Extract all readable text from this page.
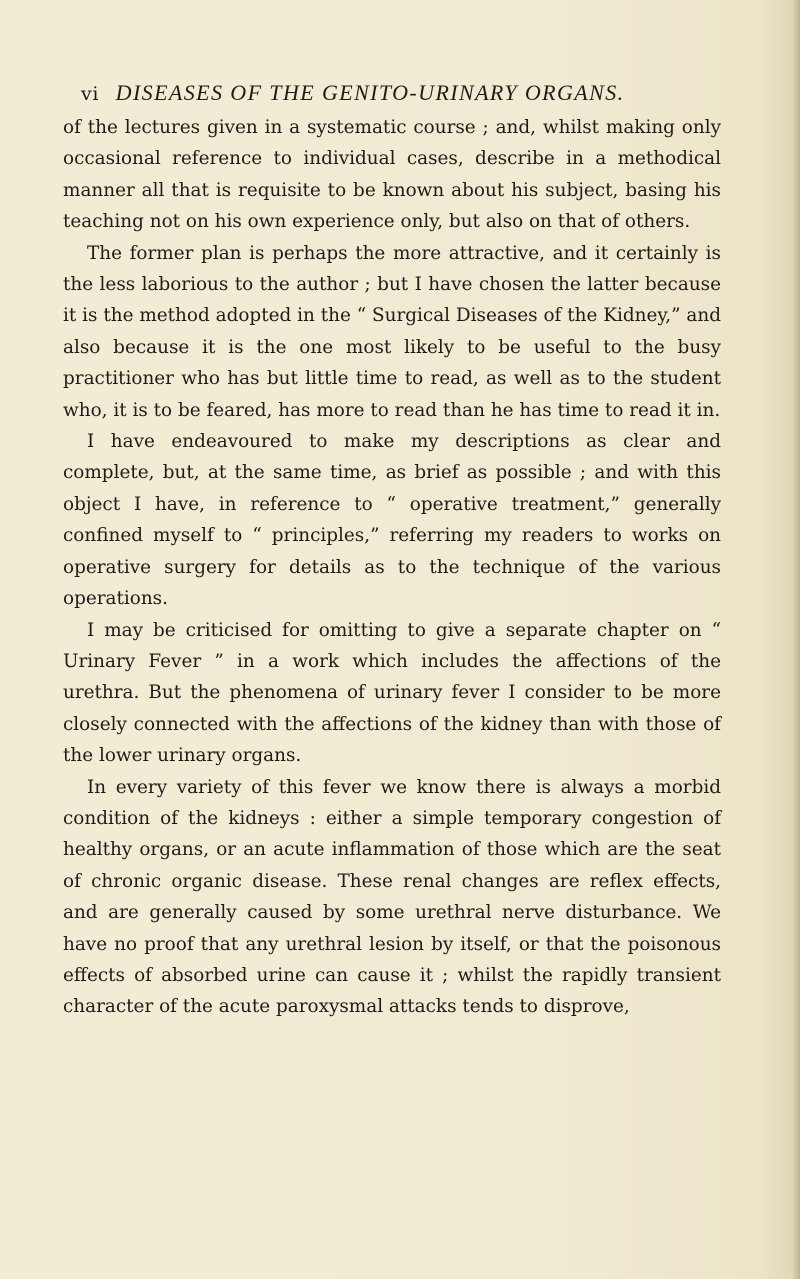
vi DISEASES OF THE GENITO-URINARY ORGANS.

of the lectures given in a systematic course ; and, whilst making only occasional reference to individual cases, describe in a methodical manner all that is requisite to be known about his subject, basing his teaching not on his own experience only, but also on that of others.

The former plan is perhaps the more attractive, and it certainly is the less laborious to the author ; but I have chosen the latter because it is the method adopted in the “ Surgical Diseases of the Kidney,” and also because it is the one most likely to be useful to the busy practitioner who has but little time to read, as well as to the student who, it is to be feared, has more to read than he has time to read it in.

I have endeavoured to make my descriptions as clear and complete, but, at the same time, as brief as possible ; and with this object I have, in reference to “ operative treatment,” generally confined myself to “ principles,” referring my readers to works on operative surgery for details as to the technique of the various operations.

I may be criticised for omitting to give a separate chapter on “ Urinary Fever ” in a work which includes the affections of the urethra. But the phenomena of urinary fever I consider to be more closely connected with the affections of the kidney than with those of the lower urinary organs.

In every variety of this fever we know there is always a morbid condition of the kidneys : either a simple temporary congestion of healthy organs, or an acute inflammation of those which are the seat of chronic organic disease. These renal changes are reflex effects, and are generally caused by some urethral nerve disturbance. We have no proof that any urethral lesion by itself, or that the poisonous effects of absorbed urine can cause it ; whilst the rapidly transient character of the acute paroxysmal attacks tends to disprove,
